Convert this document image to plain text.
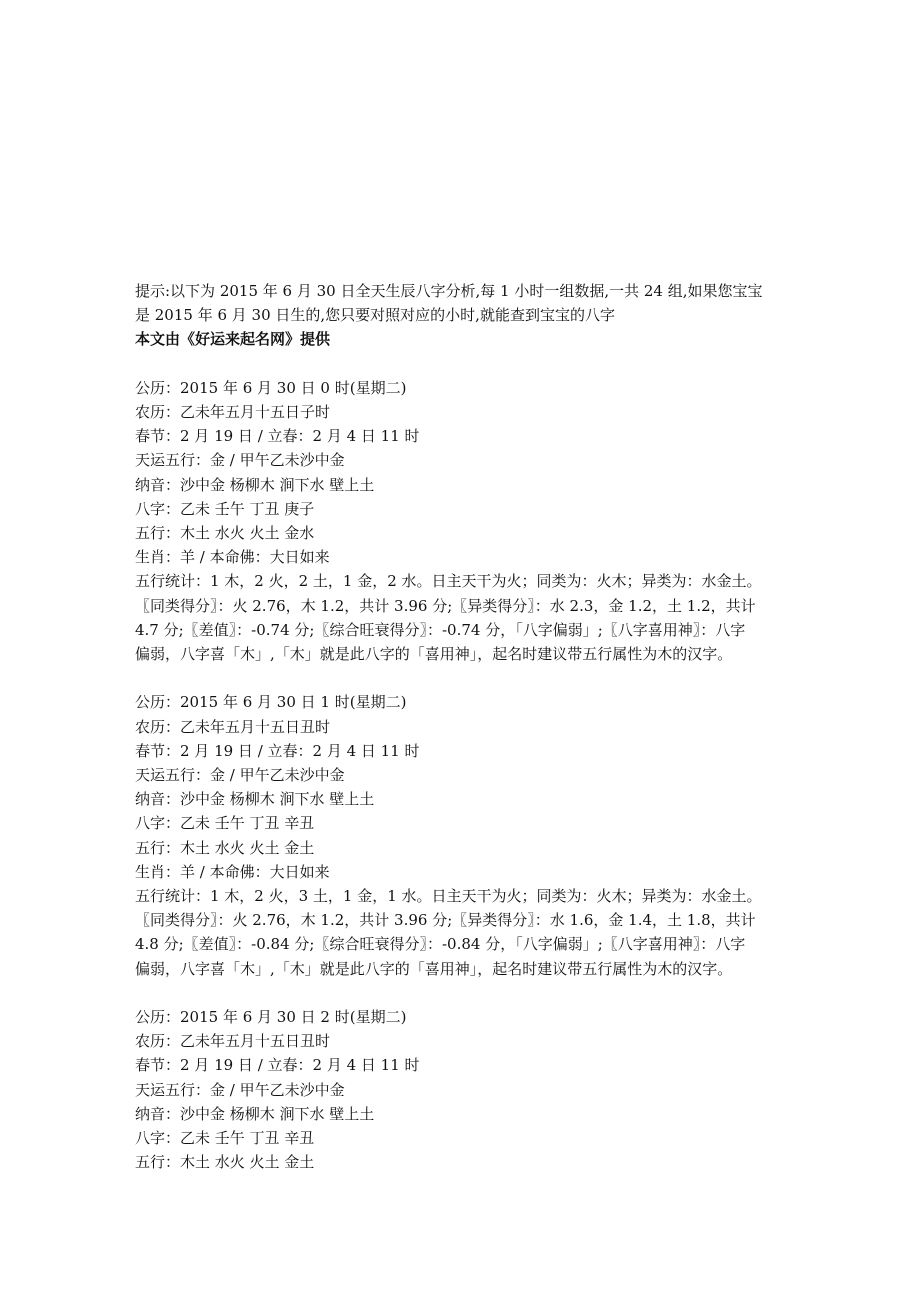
提示:以下为 2015 年 6 月 30 日全天生辰八字分析,每 1 小时一组数据,一共 24 组,如果您宝宝
是 2015 年 6 月 30 日生的,您只要对照对应的小时,就能查到宝宝的八字
本文由《好运来起名网》提供
公历：2015 年 6 月 30 日 0 时(星期二)
农历：乙未年五月十五日子时
春节：2 月 19 日 / 立春：2 月 4 日 11 时
天运五行：金 / 甲午乙未沙中金
纳音：沙中金 杨柳木 涧下水 壁上土
八字：乙未 壬午 丁丑 庚子
五行：木土 水火 火土 金水
生肖：羊 / 本命佛：大日如来
五行统计：1 木，2 火，2 土，1 金，2 水。日主天干为火；同类为：火木；异类为：水金土。
〖同类得分〗：火 2.76，木 1.2，共计 3.96 分;〖异类得分〗：水 2.3，金 1.2，土 1.2，共计
4.7 分;〖差值〗：-0.74 分;〖综合旺衰得分〗：-0.74 分，「八字偏弱」;〖八字喜用神〗：八字
偏弱，八字喜「木」,「木」就是此八字的「喜用神」，起名时建议带五行属性为木的汉字。
公历：2015 年 6 月 30 日 1 时(星期二)
农历：乙未年五月十五日丑时
春节：2 月 19 日 / 立春：2 月 4 日 11 时
天运五行：金 / 甲午乙未沙中金
纳音：沙中金 杨柳木 涧下水 壁上土
八字：乙未 壬午 丁丑 辛丑
五行：木土 水火 火土 金土
生肖：羊 / 本命佛：大日如来
五行统计：1 木，2 火，3 土，1 金，1 水。日主天干为火；同类为：火木；异类为：水金土。
〖同类得分〗：火 2.76，木 1.2，共计 3.96 分;〖异类得分〗：水 1.6，金 1.4，土 1.8，共计
4.8 分;〖差值〗：-0.84 分;〖综合旺衰得分〗：-0.84 分，「八字偏弱」;〖八字喜用神〗：八字
偏弱，八字喜「木」,「木」就是此八字的「喜用神」，起名时建议带五行属性为木的汉字。
公历：2015 年 6 月 30 日 2 时(星期二)
农历：乙未年五月十五日丑时
春节：2 月 19 日 / 立春：2 月 4 日 11 时
天运五行：金 / 甲午乙未沙中金
纳音：沙中金 杨柳木 涧下水 壁上土
八字：乙未 壬午 丁丑 辛丑
五行：木土 水火 火土 金土
